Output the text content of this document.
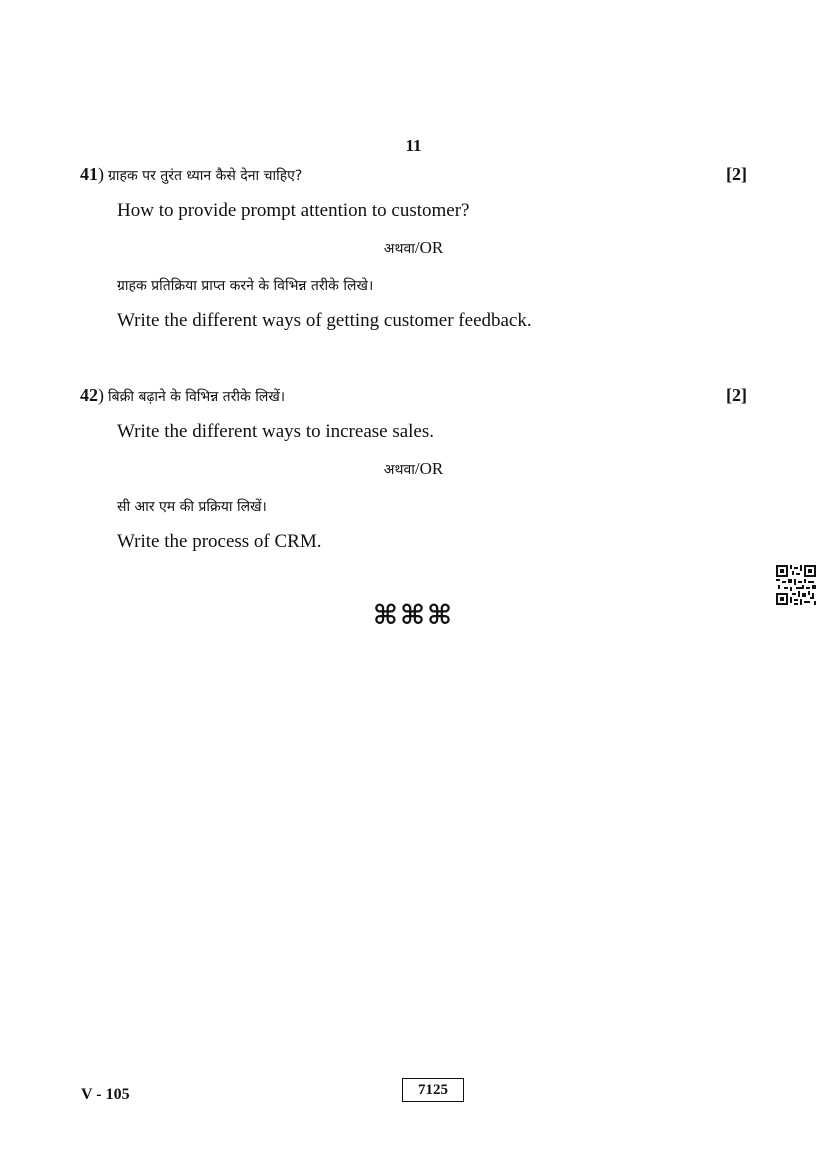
11
41) ग्राहक पर तुरंत ध्यान कैसे देना चाहिए?	[2]
How to provide prompt attention to customer?
अथवा/OR
ग्राहक प्रतिक्रिया प्राप्त करने के विभिन्न तरीके लिखे।
Write the different ways of getting customer feedback.
42) बिक्री बढ़ाने के विभिन्न तरीके लिखें।	[2]
Write the different ways to increase sales.
अथवा/OR
सी आर एम की प्रक्रिया लिखें।
Write the process of CRM.
⌘⌘⌘
V - 105	7125
